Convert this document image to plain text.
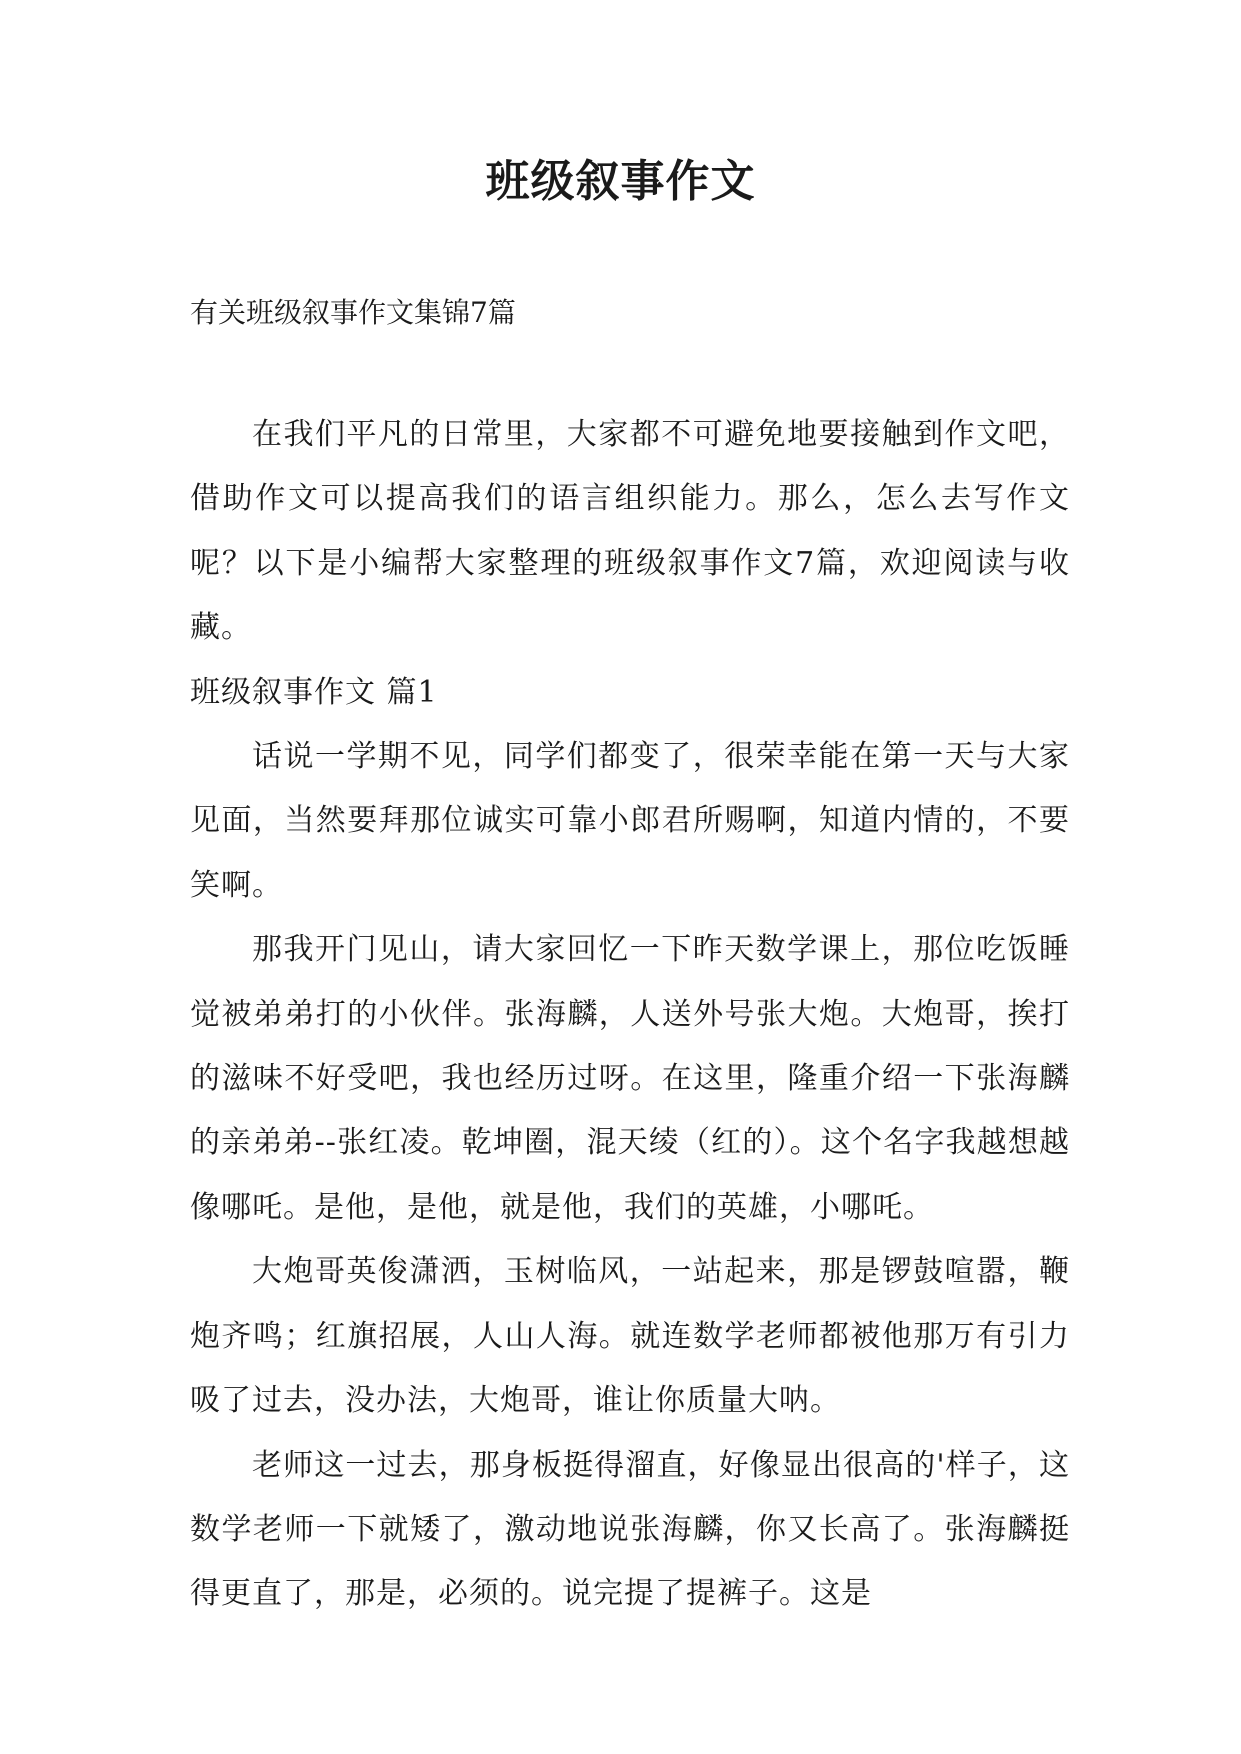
班级叙事作文

有关班级叙事作文集锦7篇

在我们平凡的日常里，大家都不可避免地要接触到作文吧，借助作文可以提高我们的语言组织能力。那么，怎么去写作文呢？以下是小编帮大家整理的班级叙事作文7篇，欢迎阅读与收藏。

班级叙事作文 篇1

话说一学期不见，同学们都变了，很荣幸能在第一天与大家见面，当然要拜那位诚实可靠小郎君所赐啊，知道内情的，不要笑啊。

那我开门见山，请大家回忆一下昨天数学课上，那位吃饭睡觉被弟弟打的小伙伴。张海麟，人送外号张大炮。大炮哥，挨打的滋味不好受吧，我也经历过呀。在这里，隆重介绍一下张海麟的亲弟弟--张红凌。乾坤圈，混天绫（红的）。这个名字我越想越像哪吒。是他，是他，就是他，我们的英雄，小哪吒。

大炮哥英俊潇洒，玉树临风，一站起来，那是锣鼓喧嚣，鞭炮齐鸣；红旗招展，人山人海。就连数学老师都被他那万有引力吸了过去，没办法，大炮哥，谁让你质量大呐。

老师这一过去，那身板挺得溜直，好像显出很高的'样子，这数学老师一下就矮了，激动地说张海麟，你又长高了。张海麟挺得更直了，那是，必须的。说完提了提裤子。这是
